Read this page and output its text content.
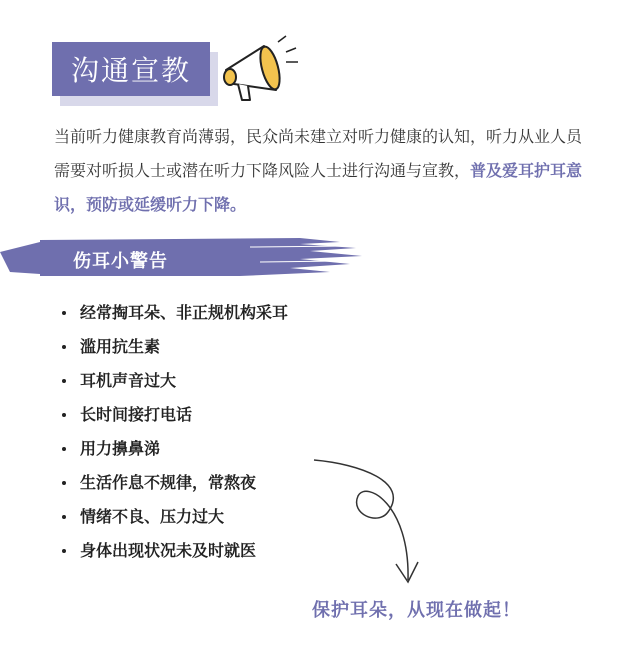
沟通宣教
当前听力健康教育尚薄弱，民众尚未建立对听力健康的认知，听力从业人员需要对听损人士或潜在听力下降风险人士进行沟通与宣教，普及爱耳护耳意识，预防或延缓听力下降。
伤耳小警告
经常掏耳朵、非正规机构采耳
滥用抗生素
耳机声音过大
长时间接打电话
用力擤鼻涕
生活作息不规律，常熬夜
情绪不良、压力过大
身体出现状况未及时就医
保护耳朵，从现在做起！
